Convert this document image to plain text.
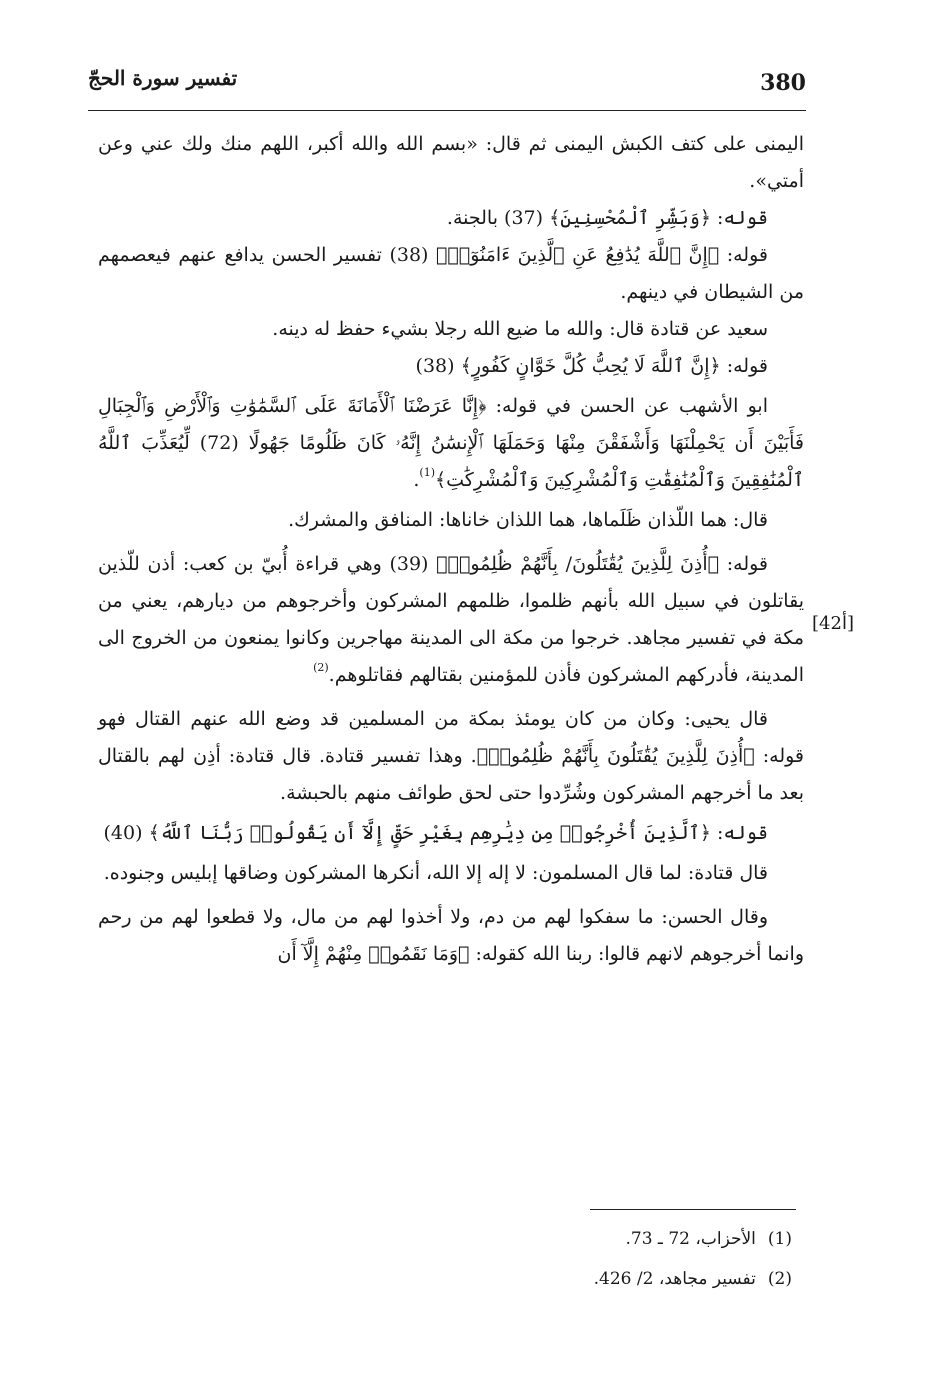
تفسير سورة الحجّ	380
[42أ]

اليمنى على كتف الكبش اليمنى ثم قال: «بسم الله والله أكبر، اللهم منك ولك عني وعن أمتي».

قوله: ﴿وَبَشِّرِ ٱلْمُحْسِنِينَ﴾ (37) بالجنة.

قوله: ﴿إِنَّ ٱللَّهَ يُدَٰفِعُ عَنِ ٱلَّذِينَ ءَامَنُوٓا۟﴾ (38) تفسير الحسن يدافع عنهم فيعصمهم من الشيطان في دينهم.

سعيد عن قتادة قال: والله ما ضيع الله رجلا بشيء حفظ له دينه.

قوله: ﴿إِنَّ ٱللَّهَ لَا يُحِبُّ كُلَّ خَوَّانٍ كَفُورٍ﴾ (38)

ابو الأشهب عن الحسن في قوله: ﴿إِنَّا عَرَضْنَا ٱلْأَمَانَةَ عَلَى ٱلسَّمَٰوَٰتِ وَٱلْأَرْضِ وَٱلْجِبَالِ فَأَبَيْنَ أَن يَحْمِلْنَهَا وَأَشْفَقْنَ مِنْهَا وَحَمَلَهَا ٱلْإِنسَٰنُ إِنَّهُۥ كَانَ ظَلُومًا جَهُولًا (72) لِّيُعَذِّبَ ٱللَّهُ ٱلْمُنَٰفِقِينَ وَٱلْمُنَٰفِقَٰتِ وَٱلْمُشْرِكِينَ وَٱلْمُشْرِكَٰتِ﴾$^{(1)}$.

قال: هما اللّذان ظَلَماها، هما اللذان خاناها: المنافق والمشرك.

قوله: ﴿أُذِنَ لِلَّذِينَ يُقَٰتَلُونَ/ بِأَنَّهُمْ ظُلِمُوا۟﴾ (39) وهي قراءة أُبيّ بن كعب: أذن للّذين يقاتلون في سبيل الله بأنهم ظلموا، ظلمهم المشركون وأخرجوهم من ديارهم، يعني من مكة في تفسير مجاهد. خرجوا من مكة الى المدينة مهاجرين وكانوا يمنعون من الخروج الى المدينة، فأدركهم المشركون فأذن للمؤمنين بقتالهم فقاتلوهم.$^{(2)}$

قال يحيى: وكان من كان يومئذ بمكة من المسلمين قد وضع الله عنهم القتال فهو قوله: ﴿أُذِنَ لِلَّذِينَ يُقَٰتَلُونَ بِأَنَّهُمْ ظُلِمُوا۟﴾. وهذا تفسير قتادة. قال قتادة: أذِن لهم بالقتال بعد ما أخرجهم المشركون وشُرِّدوا حتى لحق طوائف منهم بالحبشة.

قوله: ﴿ٱلَّذِينَ أُخْرِجُوا۟ مِن دِيَٰرِهِم بِغَيْرِ حَقٍّ إِلَّآ أَن يَقُولُوا۟ رَبُّنَا ٱللَّهُ﴾ (40)

قال قتادة: لما قال المسلمون: لا إله إلا الله، أنكرها المشركون وضاقها إبليس وجنوده.

وقال الحسن: ما سفكوا لهم من دم، ولا أخذوا لهم من مال، ولا قطعوا لهم من رحم وانما أخرجوهم لانهم قالوا: ربنا الله كقوله: ﴿وَمَا نَقَمُوا۟ مِنْهُمْ إِلَّآ أَن

(1)الأحزاب، 72 ـ 73.

(2)تفسير مجاهد، 2/ 426.
